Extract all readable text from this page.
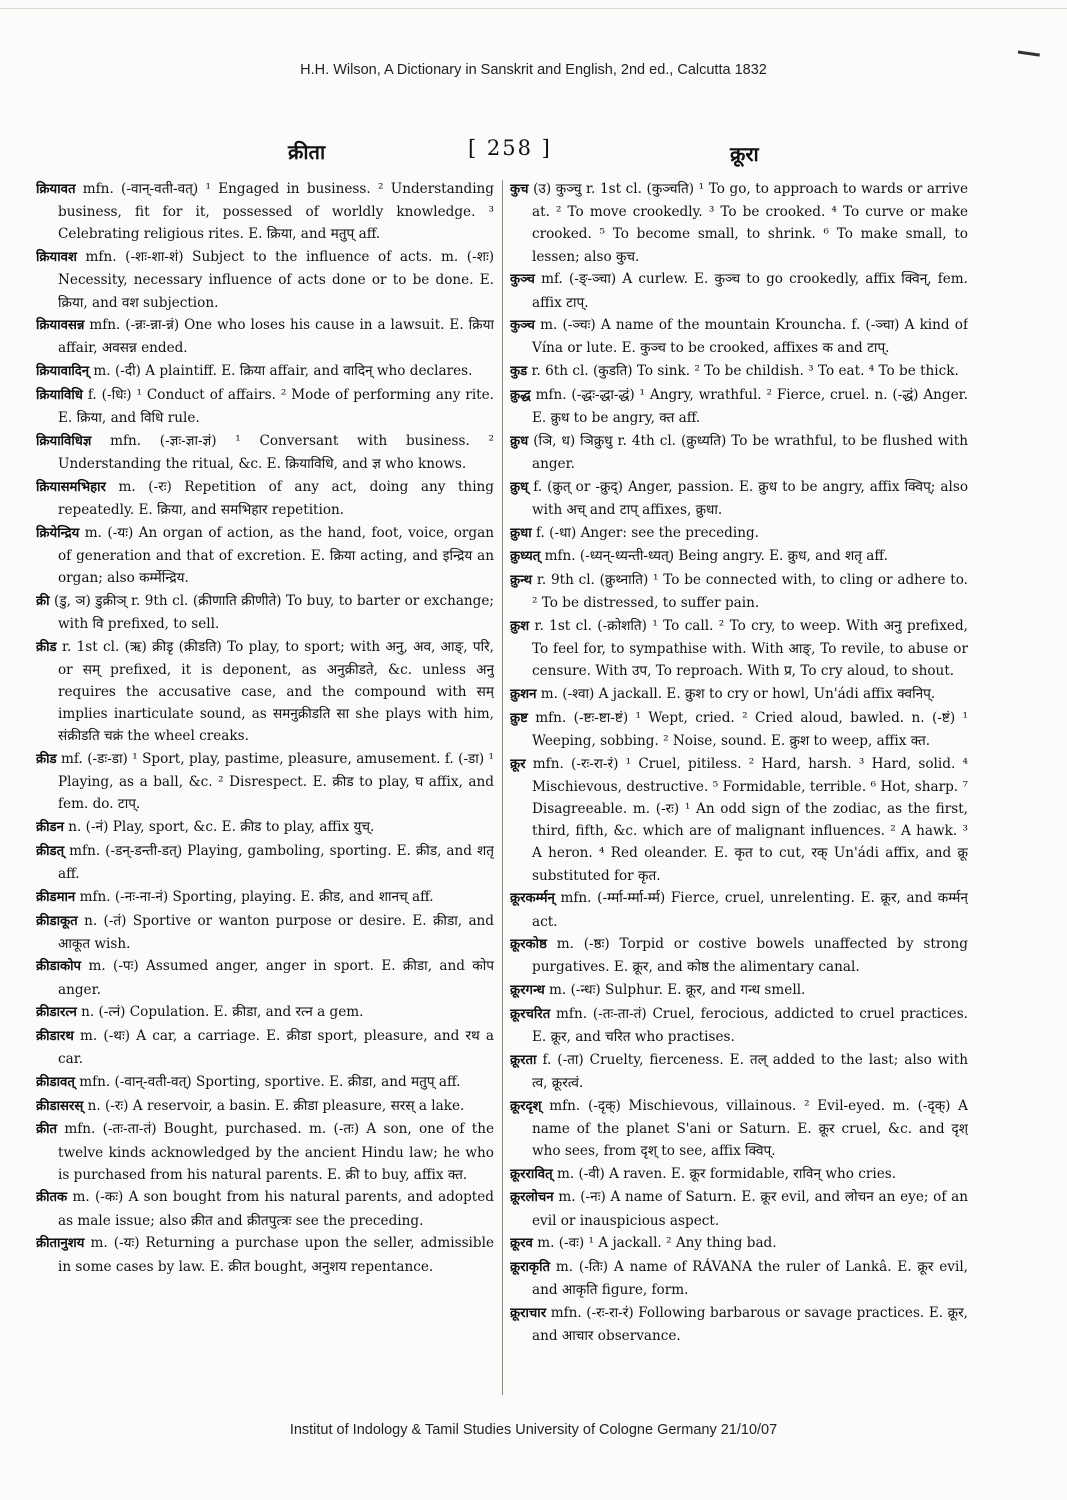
H.H. Wilson, A Dictionary in Sanskrit and English, 2nd ed., Calcutta 1832
क्रीता	[ 258 ]	क्रूरा

क्रियावत mfn. (-वान्-वती-वत्) ¹ Engaged in business. ² Understanding business, fit for it, possessed of worldly knowledge. ³ Celebrating religious rites. E. क्रिया, and मतुप् aff.

क्रियावश mfn. (-शः-शा-शं) Subject to the influence of acts. m. (-शः) Necessity, necessary influence of acts done or to be done. E. क्रिया, and वश subjection.

क्रियावसन्न mfn. (-न्नः-न्ना-न्नं) One who loses his cause in a lawsuit. E. क्रिया affair, अवसन्न ended.

क्रियावादिन् m. (-दी) A plaintiff. E. क्रिया affair, and वादिन् who declares.

क्रियाविधि f. (-धिः) ¹ Conduct of affairs. ² Mode of performing any rite. E. क्रिया, and विधि rule.

क्रियाविधिज्ञ mfn. (-ज्ञः-ज्ञा-ज्ञं) ¹ Conversant with business. ² Understanding the ritual, &c. E. क्रियाविधि, and ज्ञ who knows.

क्रियासमभिहार m. (-रः) Repetition of any act, doing any thing repeatedly. E. क्रिया, and समभिहार repetition.

क्रियेन्द्रिय m. (-यः) An organ of action, as the hand, foot, voice, organ of generation and that of excretion. E. क्रिया acting, and इन्द्रिय an organ; also कर्म्मेन्द्रिय.

क्री (डु, ञ) डुक्रीञ् r. 9th cl. (क्रीणाति क्रीणीते) To buy, to barter or exchange; with वि prefixed, to sell.

क्रीड r. 1st cl. (ऋ) क्रीडृ (क्रीडति) To play, to sport; with अनु, अव, आङ्, परि, or सम् prefixed, it is deponent, as अनुक्रीडते, &c. unless अनु requires the accusative case, and the compound with सम् implies inarticulate sound, as समनुक्रीडति सा she plays with him, संक्रीडति चक्रं the wheel creaks.

क्रीड mf. (-डः-डा) ¹ Sport, play, pastime, pleasure, amusement. f. (-डा) ¹ Playing, as a ball, &c. ² Disrespect. E. क्रीड to play, घ affix, and fem. do. टाप्.

क्रीडन n. (-नं) Play, sport, &c. E. क्रीड to play, affix युच्.

क्रीडत् mfn. (-डन्-डन्ती-डत्) Playing, gamboling, sporting. E. क्रीड, and शतृ aff.

क्रीडमान mfn. (-नः-ना-नं) Sporting, playing. E. क्रीड, and शानच् aff.

क्रीडाकूत n. (-तं) Sportive or wanton purpose or desire. E. क्रीडा, and आकूत wish.

क्रीडाकोप m. (-पः) Assumed anger, anger in sport. E. क्रीडा, and कोप anger.

क्रीडारत्न n. (-त्नं) Copulation. E. क्रीडा, and रत्न a gem.

क्रीडारथ m. (-थः) A car, a carriage. E. क्रीडा sport, pleasure, and रथ a car.

क्रीडावत् mfn. (-वान्-वती-वत्) Sporting, sportive. E. क्रीडा, and मतुप् aff.

क्रीडासरस् n. (-रः) A reservoir, a basin. E. क्रीडा pleasure, सरस् a lake.

क्रीत mfn. (-तः-ता-तं) Bought, purchased. m. (-तः) A son, one of the twelve kinds acknowledged by the ancient Hindu law; he who is purchased from his natural parents. E. क्री to buy, affix क्त.

क्रीतक m. (-कः) A son bought from his natural parents, and adopted as male issue; also क्रीत and क्रीतपुत्त्रः see the preceding.

क्रीतानुशय m. (-यः) Returning a purchase upon the seller, admissible in some cases by law. E. क्रीत bought, अनुशय repentance.

कुच (उ) कुञ्चु r. 1st cl. (कुञ्चति) ¹ To go, to approach to wards or arrive at. ² To move crookedly. ³ To be crooked. ⁴ To curve or make crooked. ⁵ To become small, to shrink. ⁶ To make small, to lessen; also कुच.

कुञ्च mf. (-ङ्-ञ्चा) A curlew. E. कुञ्च to go crookedly, affix क्विन्, fem. affix टाप्.

कुञ्च m. (-ञ्चः) A name of the mountain Krouncha. f. (-ञ्चा) A kind of Vína or lute. E. कुञ्च to be crooked, affixes क and टाप्.

कुड r. 6th cl. (कुडति) To sink. ² To be childish. ³ To eat. ⁴ To be thick.

क्रुद्ध mfn. (-द्धः-द्धा-द्धं) ¹ Angry, wrathful. ² Fierce, cruel. n. (-द्धं) Anger. E. क्रुध to be angry, क्त aff.

क्रुध (ञि, ध) ञिक्रुधु r. 4th cl. (क्रुध्यति) To be wrathful, to be flushed with anger.

क्रुध् f. (क्रुत् or -क्रुद्) Anger, passion. E. क्रुध to be angry, affix क्विप्; also with अच् and टाप् affixes, क्रुधा.

क्रुधा f. (-धा) Anger: see the preceding.

क्रुध्यत् mfn. (-ध्यन्-ध्यन्ती-ध्यत्) Being angry. E. क्रुध, and शतृ aff.

क्रुन्थ r. 9th cl. (क्रुथ्नाति) ¹ To be connected with, to cling or adhere to. ² To be distressed, to suffer pain.

क्रुश r. 1st cl. (-क्रोशति) ¹ To call. ² To cry, to weep. With अनु prefixed, To feel for, to sympathise with. With आङ्, To revile, to abuse or censure. With उप, To reproach. With प्र, To cry aloud, to shout.

क्रुशन m. (-श्वा) A jackall. E. क्रुश to cry or howl, Un'ádi affix क्वनिप्.

क्रुष्ट mfn. (-ष्टः-ष्टा-ष्टं) ¹ Wept, cried. ² Cried aloud, bawled. n. (-ष्टं) ¹ Weeping, sobbing. ² Noise, sound. E. क्रुश to weep, affix क्त.

क्रूर mfn. (-रः-रा-रं) ¹ Cruel, pitiless. ² Hard, harsh. ³ Hard, solid. ⁴ Mischievous, destructive. ⁵ Formidable, terrible. ⁶ Hot, sharp. ⁷ Disagreeable. m. (-रः) ¹ An odd sign of the zodiac, as the first, third, fifth, &c. which are of malignant influences. ² A hawk. ³ A heron. ⁴ Red oleander. E. कृत to cut, रक् Un'ádi affix, and क्रू substituted for कृत.

क्रूरकर्म्मन् mfn. (-र्म्मा-र्म्मा-र्म्म) Fierce, cruel, unrelenting. E. क्रूर, and कर्म्मन् act.

क्रूरकोष्ठ m. (-ष्ठः) Torpid or costive bowels unaffected by strong purgatives. E. क्रूर, and कोष्ठ the alimentary canal.

क्रूरगन्ध m. (-न्धः) Sulphur. E. क्रूर, and गन्ध smell.

क्रूरचरित mfn. (-तः-ता-तं) Cruel, ferocious, addicted to cruel practices. E. क्रूर, and चरित who practises.

क्रूरता f. (-ता) Cruelty, fierceness. E. तल् added to the last; also with त्व, क्रूरत्वं.

क्रूरदृश् mfn. (-दृक्) Mischievous, villainous. ² Evil-eyed. m. (-दृक्) A name of the planet S'ani or Saturn. E. क्रूर cruel, &c. and दृश् who sees, from दृश् to see, affix क्विप्.

क्रूररावित् m. (-वी) A raven. E. क्रूर formidable, राविन् who cries.

क्रूरलोचन m. (-नः) A name of Saturn. E. क्रूर evil, and लोचन an eye; of an evil or inauspicious aspect.

क्रूरव m. (-वः) ¹ A jackall. ² Any thing bad.

क्रूराकृति m. (-तिः) A name of RÁVANA the ruler of Lankâ. E. क्रूर evil, and आकृति figure, form.

क्रूराचार mfn. (-रः-रा-रं) Following barbarous or savage practices. E. क्रूर, and आचार observance.

Institut of Indology & Tamil Studies University of Cologne Germany 21/10/07
